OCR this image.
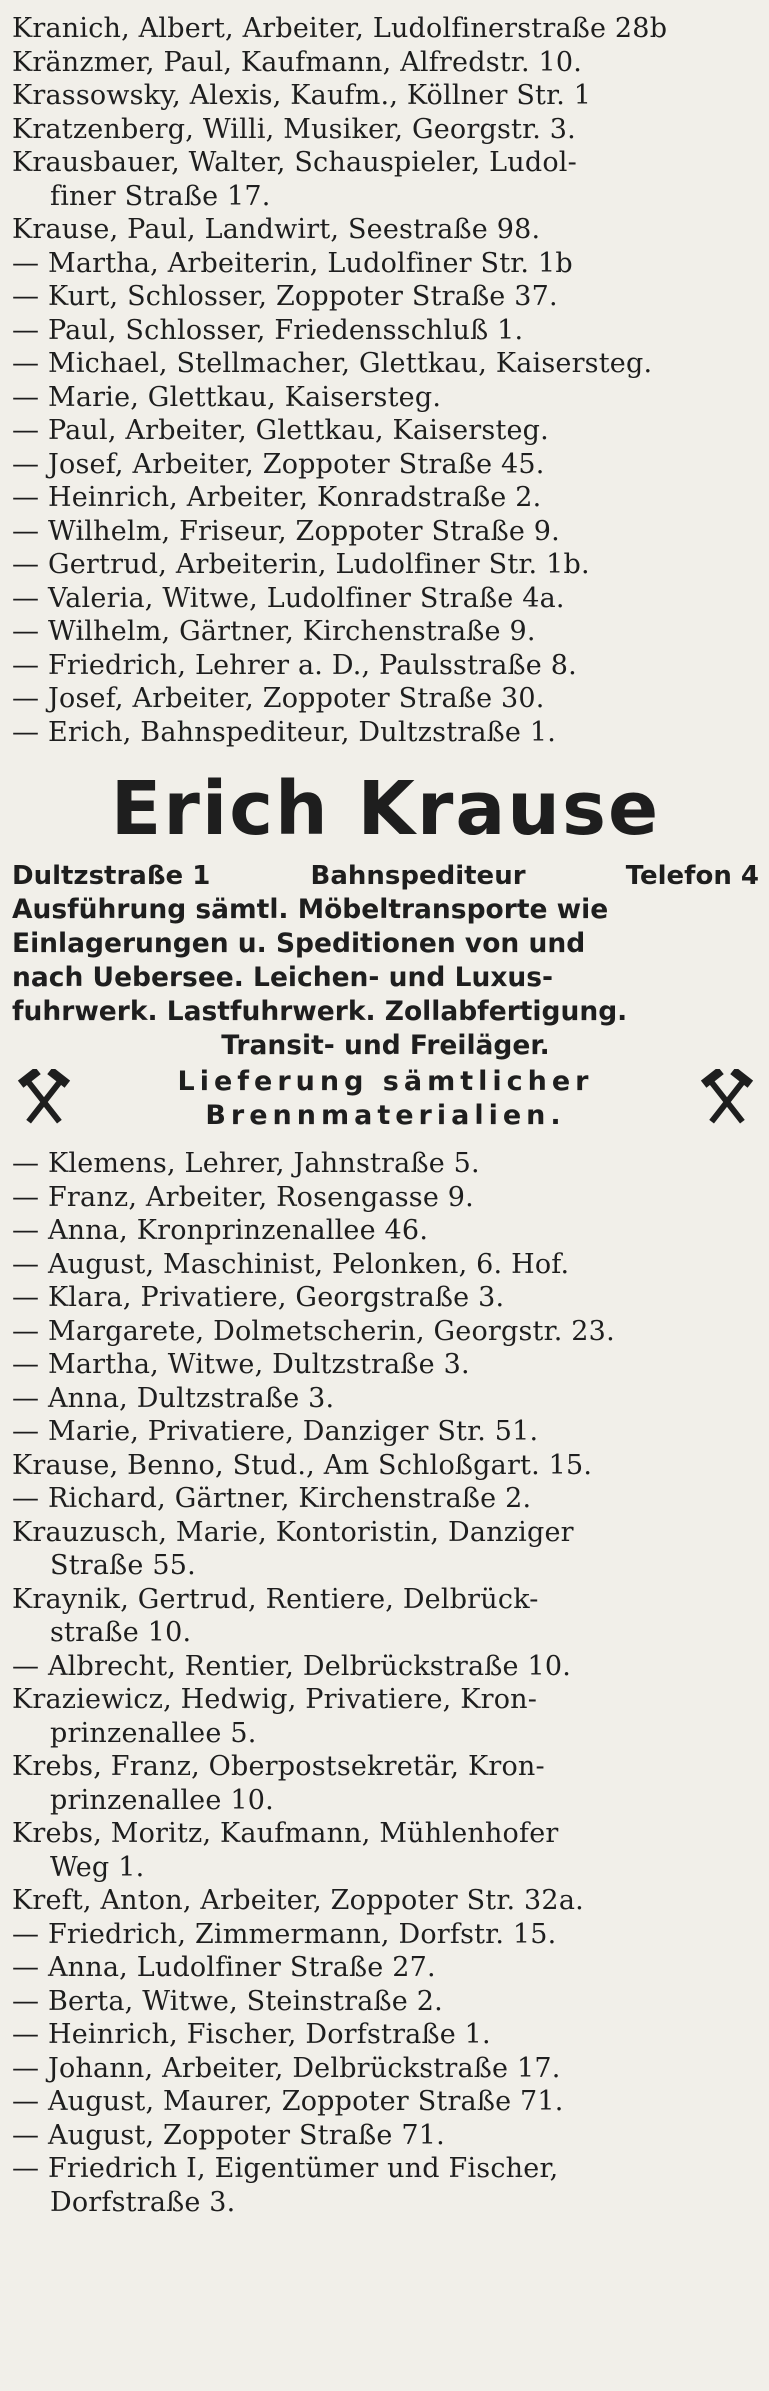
Kranich, Albert, Arbeiter, Ludolfinerstraße 28b
Kränzmer, Paul, Kaufmann, Alfredstr. 10.
Krassowsky, Alexis, Kaufm., Köllner Str. 1
Kratzenberg, Willi, Musiker, Georgstr. 3.
Krausbauer, Walter, Schauspieler, Ludol-
finer Straße 17.
Krause, Paul, Landwirt, Seestraße 98.
— Martha, Arbeiterin, Ludolfiner Str. 1b
— Kurt, Schlosser, Zoppoter Straße 37.
— Paul, Schlosser, Friedensschluß 1.
— Michael, Stellmacher, Glettkau, Kaisersteg.
— Marie, Glettkau, Kaisersteg.
— Paul, Arbeiter, Glettkau, Kaisersteg.
— Josef, Arbeiter, Zoppoter Straße 45.
— Heinrich, Arbeiter, Konradstraße 2.
— Wilhelm, Friseur, Zoppoter Straße 9.
— Gertrud, Arbeiterin, Ludolfiner Str. 1b.
— Valeria, Witwe, Ludolfiner Straße 4a.
— Wilhelm, Gärtner, Kirchenstraße 9.
— Friedrich, Lehrer a. D., Paulsstraße 8.
— Josef, Arbeiter, Zoppoter Straße 30.
— Erich, Bahnspediteur, Dultzstraße 1.
Erich Krause
Dultzstraße 1	Bahnspediteur	Telefon 4
Ausführung sämtl. Möbeltransporte wie
Einlagerungen u. Speditionen von und
nach Uebersee. Leichen- und Luxus-
fuhrwerk. Lastfuhrwerk. Zollabfertigung.
Transit- und Freiläger.
Lieferung sämtlicher
Brennmaterialien.
— Klemens, Lehrer, Jahnstraße 5.
— Franz, Arbeiter, Rosengasse 9.
— Anna, Kronprinzenallee 46.
— August, Maschinist, Pelonken, 6. Hof.
— Klara, Privatiere, Georgstraße 3.
— Margarete, Dolmetscherin, Georgstr. 23.
— Martha, Witwe, Dultzstraße 3.
— Anna, Dultzstraße 3.
— Marie, Privatiere, Danziger Str. 51.
Krause, Benno, Stud., Am Schloßgart. 15.
— Richard, Gärtner, Kirchenstraße 2.
Krauzusch, Marie, Kontoristin, Danziger
Straße 55.
Kraynik, Gertrud, Rentiere, Delbrück-
straße 10.
— Albrecht, Rentier, Delbrückstraße 10.
Kraziewicz, Hedwig, Privatiere, Kron-
prinzenallee 5.
Krebs, Franz, Oberpostsekretär, Kron-
prinzenallee 10.
Krebs, Moritz, Kaufmann, Mühlenhofer
Weg 1.
Kreft, Anton, Arbeiter, Zoppoter Str. 32a.
— Friedrich, Zimmermann, Dorfstr. 15.
— Anna, Ludolfiner Straße 27.
— Berta, Witwe, Steinstraße 2.
— Heinrich, Fischer, Dorfstraße 1.
— Johann, Arbeiter, Delbrückstraße 17.
— August, Maurer, Zoppoter Straße 71.
— August, Zoppoter Straße 71.
— Friedrich I, Eigentümer und Fischer,
Dorfstraße 3.
